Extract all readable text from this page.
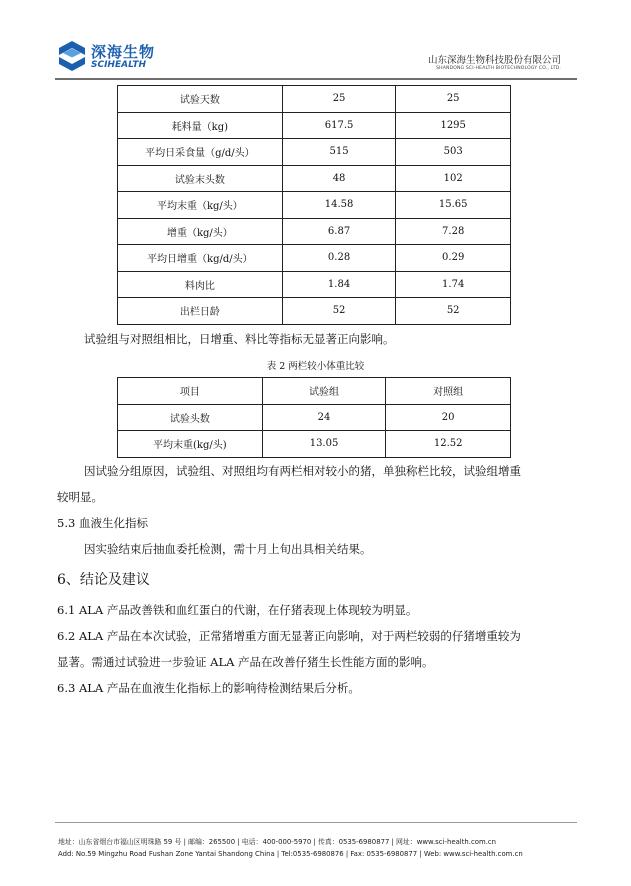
深海生物
SCIHEALTH	山东深海生物科技股份有限公司
SHANDONG SCI-HEALTH BIOTECHNOLOGY CO., LTD.
试验天数	25	25
耗料量（kg)	617.5	1295
平均日采食量（g/d/头）	515	503
试验末头数	48	102
平均末重（kg/头）	14.58	15.65
增重（kg/头）	6.87	7.28
平均日增重（kg/d/头）	0.28	0.29
料肉比	1.84	1.74
出栏日龄	52	52
试验组与对照组相比，日增重、料比等指标无显著正向影响。
表 2 两栏较小体重比较
项目	试验组	对照组
试验头数	24	20
平均末重(kg/头)	13.05	12.52
因试验分组原因，试验组、对照组均有两栏相对较小的猪，单独称栏比较，试验组增重
较明显。
5.3 血液生化指标
因实验结束后抽血委托检测，需十月上旬出具相关结果。
6、结论及建议
6.1 ALA 产品改善铁和血红蛋白的代谢，在仔猪表现上体现较为明显。
6.2 ALA 产品在本次试验，正常猪增重方面无显著正向影响，对于两栏较弱的仔猪增重较为
显著。需通过试验进一步验证 ALA 产品在改善仔猪生长性能方面的影响。
6.3 ALA 产品在血液生化指标上的影响待检测结果后分析。
地址：山东省烟台市福山区明珠路 59 号 | 邮编：265500 | 电话：400-000-5970 | 传真：0535-6980877 | 网址：www.sci-health.com.cn
Add: No.59 Mingzhu Road Fushan Zone Yantai Shandong China | Tel:0535-6980876 | Fax: 0535-6980877 | Web: www.sci-health.com.cn
